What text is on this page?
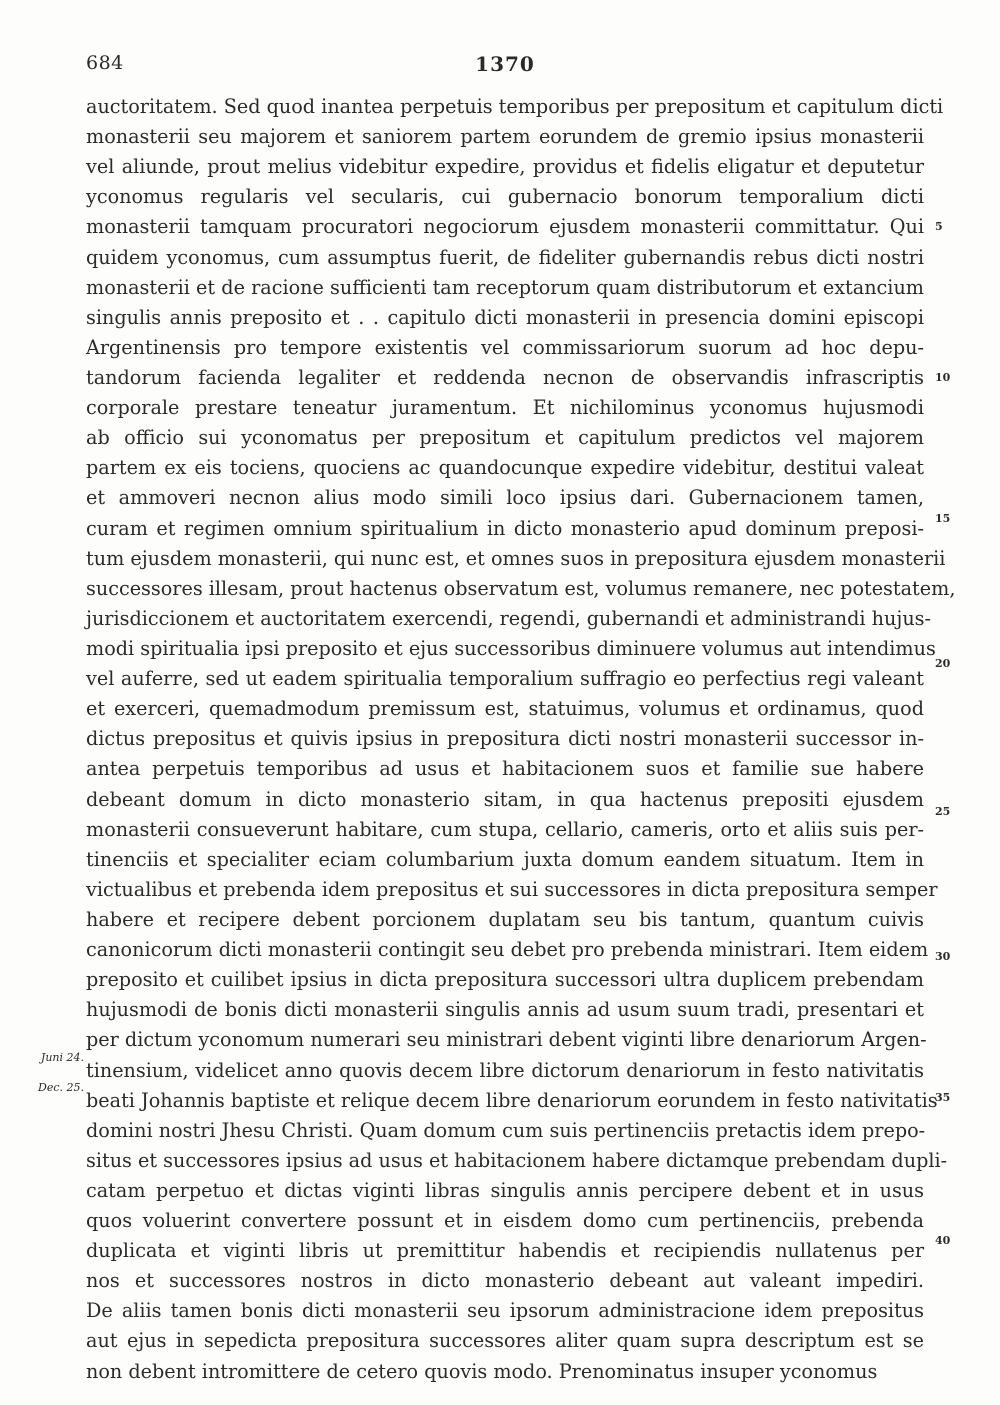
684	1370
auctoritatem. Sed quod inantea perpetuis temporibus per prepositum et capitulum dicti
monasterii seu majorem et saniorem partem eorundem de gremio ipsius monasterii
vel aliunde, prout melius videbitur expedire, providus et fidelis eligatur et deputetur
yconomus regularis vel secularis, cui gubernacio bonorum temporalium dicti
monasterii tamquam procuratori negociorum ejusdem monasterii committatur. Qui
quidem yconomus, cum assumptus fuerit, de fideliter gubernandis rebus dicti nostri
monasterii et de racione sufficienti tam receptorum quam distributorum et extancium
singulis annis preposito et . . capitulo dicti monasterii in presencia domini episcopi
Argentinensis pro tempore existentis vel commissariorum suorum ad hoc depu-
tandorum facienda legaliter et reddenda necnon de observandis infrascriptis
corporale prestare teneatur juramentum. Et nichilominus yconomus hujusmodi
ab officio sui yconomatus per prepositum et capitulum predictos vel majorem
partem ex eis tociens, quociens ac quandocunque expedire videbitur, destitui valeat
et ammoveri necnon alius modo simili loco ipsius dari. Gubernacionem tamen,
curam et regimen omnium spiritualium in dicto monasterio apud dominum preposi-
tum ejusdem monasterii, qui nunc est, et omnes suos in prepositura ejusdem monasterii
successores illesam, prout hactenus observatum est, volumus remanere, nec potestatem,
jurisdiccionem et auctoritatem exercendi, regendi, gubernandi et administrandi hujus-
modi spiritualia ipsi preposito et ejus successoribus diminuere volumus aut intendimus
vel auferre, sed ut eadem spiritualia temporalium suffragio eo perfectius regi valeant
et exerceri, quemadmodum premissum est, statuimus, volumus et ordinamus, quod
dictus prepositus et quivis ipsius in prepositura dicti nostri monasterii successor in-
antea perpetuis temporibus ad usus et habitacionem suos et familie sue habere
debeant domum in dicto monasterio sitam, in qua hactenus prepositi ejusdem
monasterii consueverunt habitare, cum stupa, cellario, cameris, orto et aliis suis per-
tinenciis et specialiter eciam columbarium juxta domum eandem situatum. Item in
victualibus et prebenda idem prepositus et sui successores in dicta prepositura semper
habere et recipere debent porcionem duplatam seu bis tantum, quantum cuivis
canonicorum dicti monasterii contingit seu debet pro prebenda ministrari. Item eidem
preposito et cuilibet ipsius in dicta prepositura successori ultra duplicem prebendam
hujusmodi de bonis dicti monasterii singulis annis ad usum suum tradi, presentari et
per dictum yconomum numerari seu ministrari debent viginti libre denariorum Argen-
tinensium, videlicet anno quovis decem libre dictorum denariorum in festo nativitatis
beati Johannis baptiste et relique decem libre denariorum eorundem in festo nativitatis
domini nostri Jhesu Christi. Quam domum cum suis pertinenciis pretactis idem prepo-
situs et successores ipsius ad usus et habitacionem habere dictamque prebendam dupli-
catam perpetuo et dictas viginti libras singulis annis percipere debent et in usus
quos voluerint convertere possunt et in eisdem domo cum pertinenciis, prebenda
duplicata et viginti libris ut premittitur habendis et recipiendis nullatenus per
nos et successores nostros in dicto monasterio debeant aut valeant impediri.
De aliis tamen bonis dicti monasterii seu ipsorum administracione idem prepositus
aut ejus in sepedicta prepositura successores aliter quam supra descriptum est se
non debent intromittere de cetero quovis modo. Prenominatus insuper yconomus
5
10
15
20
25
30
35
40
Juni 24.
Dec. 25.
